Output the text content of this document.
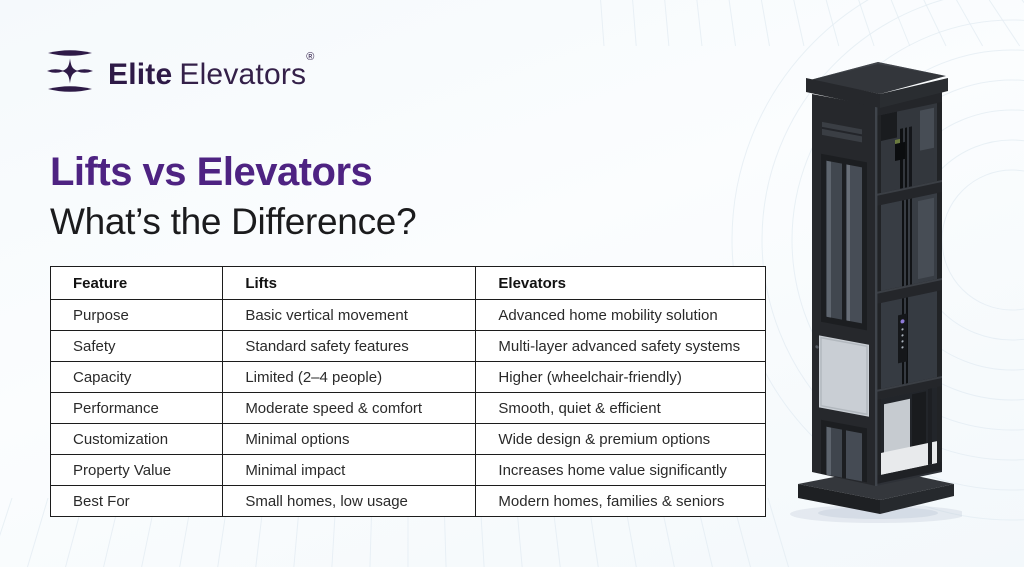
Elite Elevators®
Lifts vs Elevators
What’s the Difference?
Feature	Lifts	Elevators
Purpose	Basic vertical movement	Advanced home mobility solution
Safety	Standard safety features	Multi-layer advanced safety systems
Capacity	Limited (2–4 people)	Higher (wheelchair-friendly)
Performance	Moderate speed & comfort	Smooth, quiet & efficient
Customization	Minimal options	Wide design & premium options
Property Value	Minimal impact	Increases home value significantly
Best For	Small homes, low usage	Modern homes, families & seniors
